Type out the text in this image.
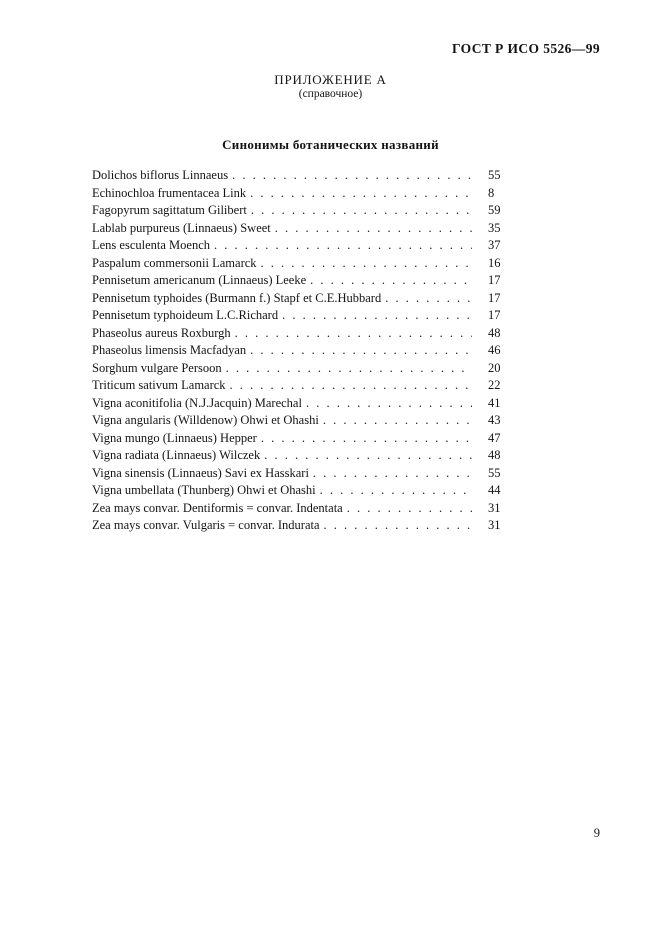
ГОСТ Р ИСО 5526—99
ПРИЛОЖЕНИЕ А
(справочное)
Синонимы ботанических названий
Dolichos biflorus Linnaeus . . .	55
Echinochloa frumentacea Link . . .	8
Fagopyrum sagittatum Gilibert . . .	59
Lablab purpureus (Linnaeus) Sweet . . .	35
Lens esculenta Moench . . .	37
Paspalum commersonii Lamarck . . .	16
Pennisetum americanum (Linnaeus) Leeke . . .	17
Pennisetum typhoides (Burmann f.) Stapf et C.E.Hubbard . . .	17
Pennisetum typhoideum L.C.Richard . . .	17
Phaseolus aureus Roxburgh . . .	48
Phaseolus limensis Macfadyan . . .	46
Sorghum vulgare Persoon . . .	20
Triticum sativum Lamarck . . .	22
Vigna aconitifolia (N.J.Jacquin) Marechal . . .	41
Vigna angularis (Willdenow) Ohwi et Ohashi . . .	43
Vigna mungo (Linnaeus) Hepper . . .	47
Vigna radiata (Linnaeus) Wilczek . . .	48
Vigna sinensis (Linnaeus) Savi ex Hasskari . . .	55
Vigna umbellata (Thunberg) Ohwi et Ohashi . . .	44
Zea mays convar. Dentiformis = convar. Indentata . . .	31
Zea mays convar. Vulgaris = convar. Indurata . . .	31
9
